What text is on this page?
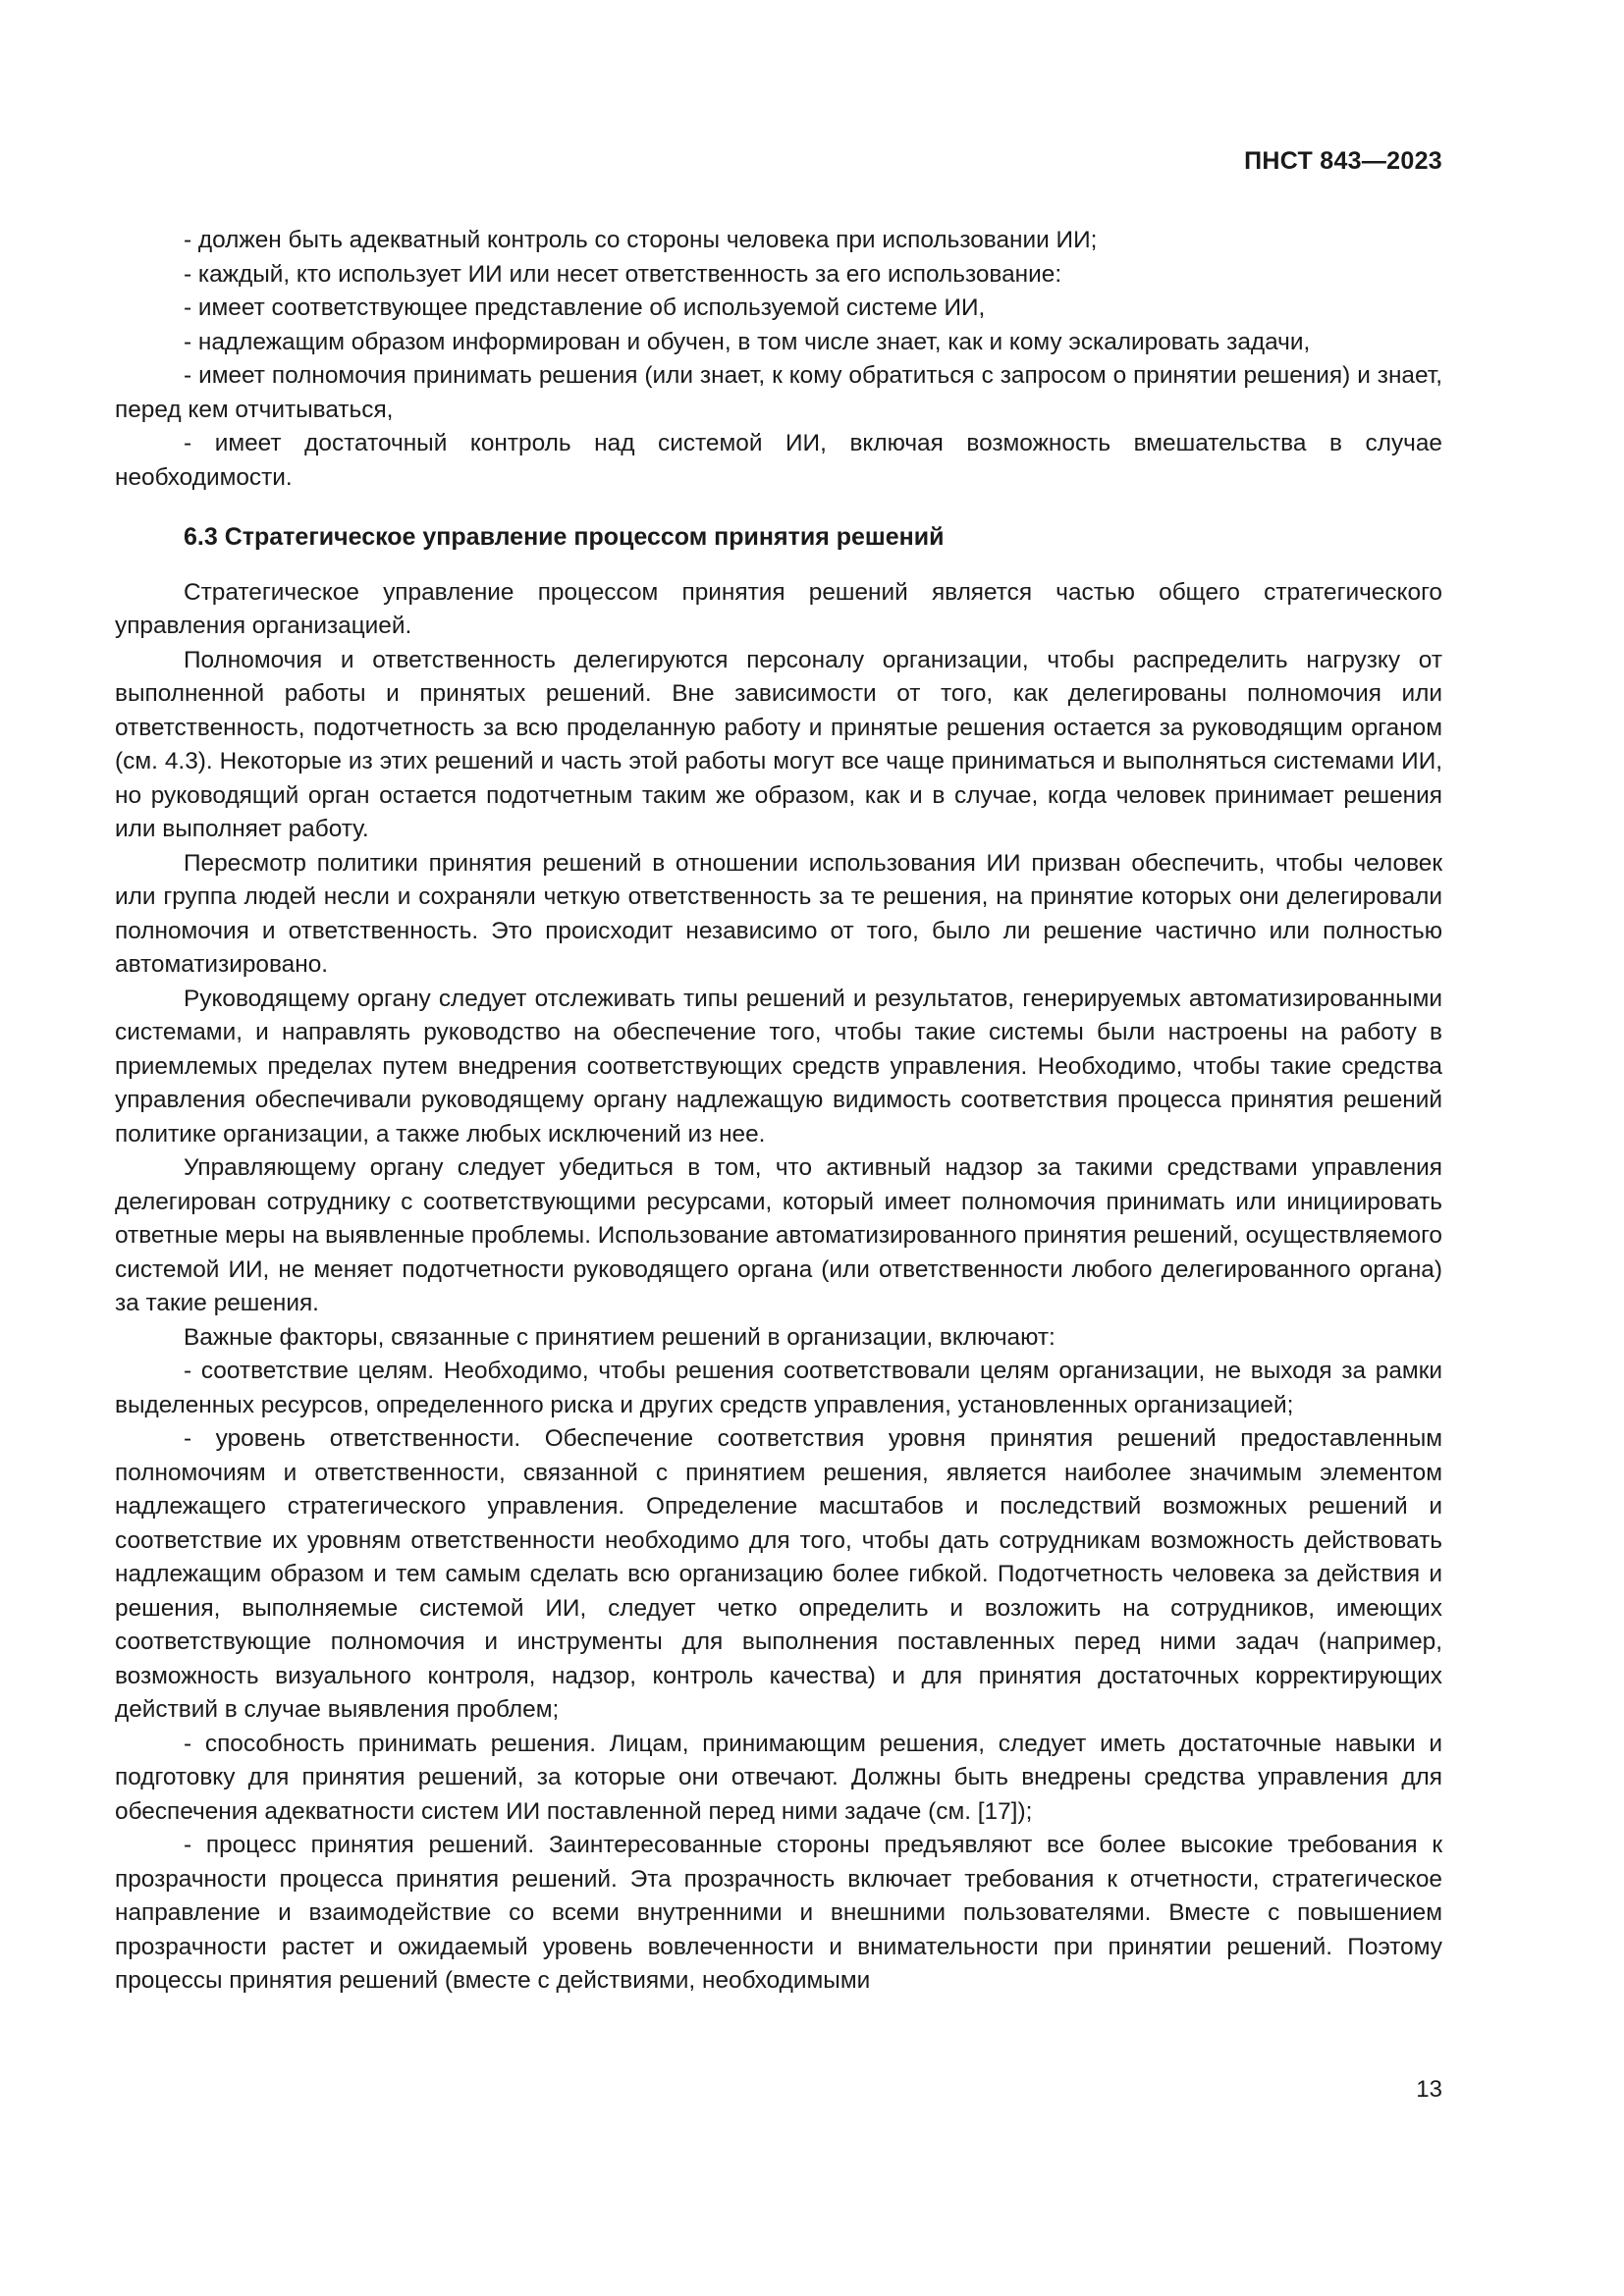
ПНСТ 843—2023

- должен быть адекватный контроль со стороны человека при использовании ИИ;

- каждый, кто использует ИИ или несет ответственность за его использование:

- имеет соответствующее представление об используемой системе ИИ,

- надлежащим образом информирован и обучен, в том числе знает, как и кому эскалировать задачи,

- имеет полномочия принимать решения (или знает, к кому обратиться с запросом о принятии решения) и знает, перед кем отчитываться,

- имеет достаточный контроль над системой ИИ, включая возможность вмешательства в случае необходимости.

6.3 Стратегическое управление процессом принятия решений

Стратегическое управление процессом принятия решений является частью общего стратегического управления организацией.

Полномочия и ответственность делегируются персоналу организации, чтобы распределить нагрузку от выполненной работы и принятых решений. Вне зависимости от того, как делегированы полномочия или ответственность, подотчетность за всю проделанную работу и принятые решения остается за руководящим органом (см. 4.3). Некоторые из этих решений и часть этой работы могут все чаще приниматься и выполняться системами ИИ, но руководящий орган остается подотчетным таким же образом, как и в случае, когда человек принимает решения или выполняет работу.

Пересмотр политики принятия решений в отношении использования ИИ призван обеспечить, чтобы человек или группа людей несли и сохраняли четкую ответственность за те решения, на принятие которых они делегировали полномочия и ответственность. Это происходит независимо от того, было ли решение частично или полностью автоматизировано.

Руководящему органу следует отслеживать типы решений и результатов, генерируемых автоматизированными системами, и направлять руководство на обеспечение того, чтобы такие системы были настроены на работу в приемлемых пределах путем внедрения соответствующих средств управления. Необходимо, чтобы такие средства управления обеспечивали руководящему органу надлежащую видимость соответствия процесса принятия решений политике организации, а также любых исключений из нее.

Управляющему органу следует убедиться в том, что активный надзор за такими средствами управления делегирован сотруднику с соответствующими ресурсами, который имеет полномочия принимать или инициировать ответные меры на выявленные проблемы. Использование автоматизированного принятия решений, осуществляемого системой ИИ, не меняет подотчетности руководящего органа (или ответственности любого делегированного органа) за такие решения.

Важные факторы, связанные с принятием решений в организации, включают:

- соответствие целям. Необходимо, чтобы решения соответствовали целям организации, не выходя за рамки выделенных ресурсов, определенного риска и других средств управления, установленных организацией;

- уровень ответственности. Обеспечение соответствия уровня принятия решений предоставленным полномочиям и ответственности, связанной с принятием решения, является наиболее значимым элементом надлежащего стратегического управления. Определение масштабов и последствий возможных решений и соответствие их уровням ответственности необходимо для того, чтобы дать сотрудникам возможность действовать надлежащим образом и тем самым сделать всю организацию более гибкой. Подотчетность человека за действия и решения, выполняемые системой ИИ, следует четко определить и возложить на сотрудников, имеющих соответствующие полномочия и инструменты для выполнения поставленных перед ними задач (например, возможность визуального контроля, надзор, контроль качества) и для принятия достаточных корректирующих действий в случае выявления проблем;

- способность принимать решения. Лицам, принимающим решения, следует иметь достаточные навыки и подготовку для принятия решений, за которые они отвечают. Должны быть внедрены средства управления для обеспечения адекватности систем ИИ поставленной перед ними задаче (см. [17]);

- процесс принятия решений. Заинтересованные стороны предъявляют все более высокие требования к прозрачности процесса принятия решений. Эта прозрачность включает требования к отчетности, стратегическое направление и взаимодействие со всеми внутренними и внешними пользователями. Вместе с повышением прозрачности растет и ожидаемый уровень вовлеченности и внимательности при принятии решений. Поэтому процессы принятия решений (вместе с действиями, необходимыми

13
